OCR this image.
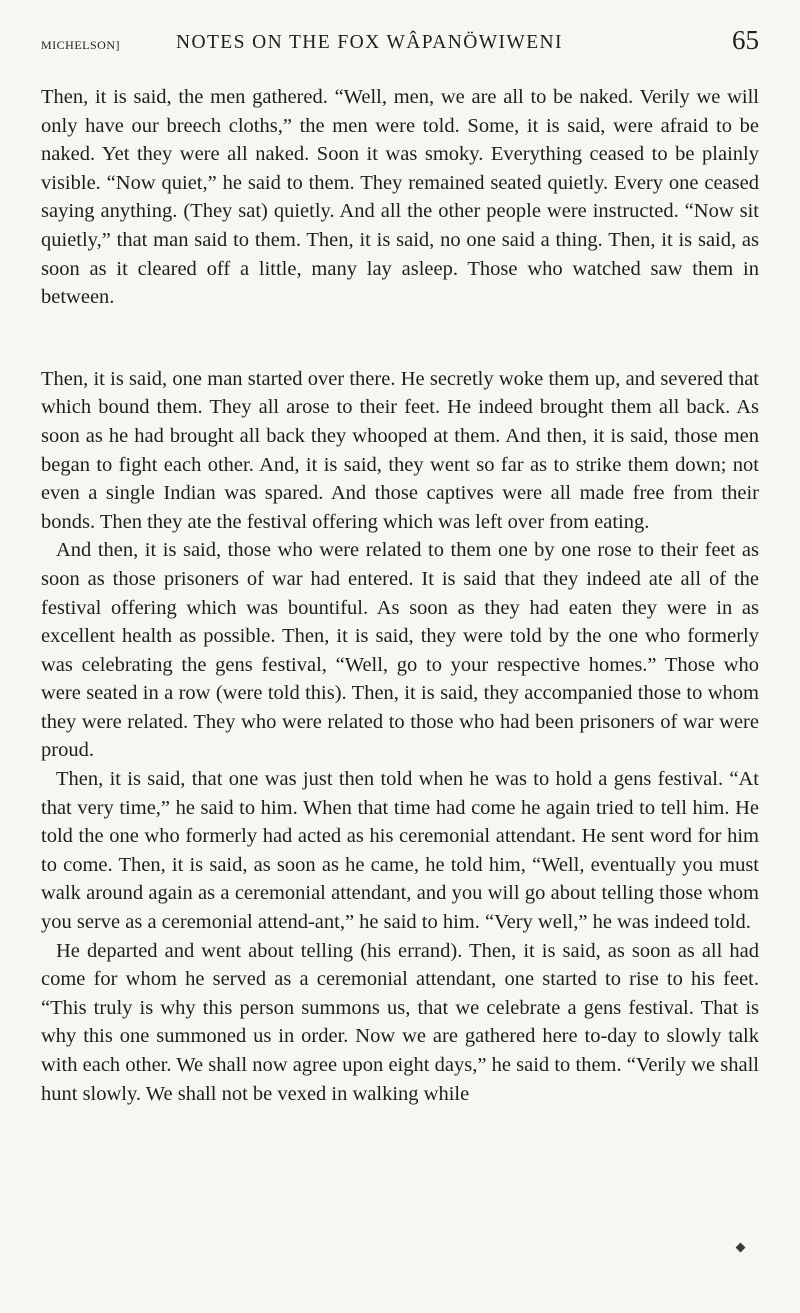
MICHELSON]	NOTES ON THE FOX WÂPANÖWIWENI	65

Then, it is said, the men gathered. “Well, men, we are all to be naked. Verily we will only have our breech cloths,” the men were told. Some, it is said, were afraid to be naked. Yet they were all naked. Soon it was smoky. Everything ceased to be plainly visible. “Now quiet,” he said to them. They remained seated quietly. Every one ceased saying anything. (They sat) quietly. And all the other people were instructed. “Now sit quietly,” that man said to them. Then, it is said, no one said a thing. Then, it is said, as soon as it cleared off a little, many lay asleep. Those who watched saw them in between.

Then, it is said, one man started over there. He secretly woke them up, and severed that which bound them. They all arose to their feet. He indeed brought them all back. As soon as he had brought all back they whooped at them. And then, it is said, those men began to fight each other. And, it is said, they went so far as to strike them down; not even a single Indian was spared. And those captives were all made free from their bonds. Then they ate the festival offering which was left over from eating.

And then, it is said, those who were related to them one by one rose to their feet as soon as those prisoners of war had entered. It is said that they indeed ate all of the festival offering which was bountiful. As soon as they had eaten they were in as excellent health as possible. Then, it is said, they were told by the one who formerly was celebrating the gens festival, “Well, go to your respective homes.” Those who were seated in a row (were told this). Then, it is said, they accompanied those to whom they were related. They who were related to those who had been prisoners of war were proud.

Then, it is said, that one was just then told when he was to hold a gens festival. “At that very time,” he said to him. When that time had come he again tried to tell him. He told the one who formerly had acted as his ceremonial attendant. He sent word for him to come. Then, it is said, as soon as he came, he told him, “Well, eventually you must walk around again as a ceremonial attendant, and you will go about telling those whom you serve as a ceremonial attend-ant,” he said to him. “Very well,” he was indeed told.

He departed and went about telling (his errand). Then, it is said, as soon as all had come for whom he served as a ceremonial attendant, one started to rise to his feet. “This truly is why this person summons us, that we celebrate a gens festival. That is why this one summoned us in order. Now we are gathered here to-day to slowly talk with each other. We shall now agree upon eight days,” he said to them. “Verily we shall hunt slowly. We shall not be vexed in walking while
